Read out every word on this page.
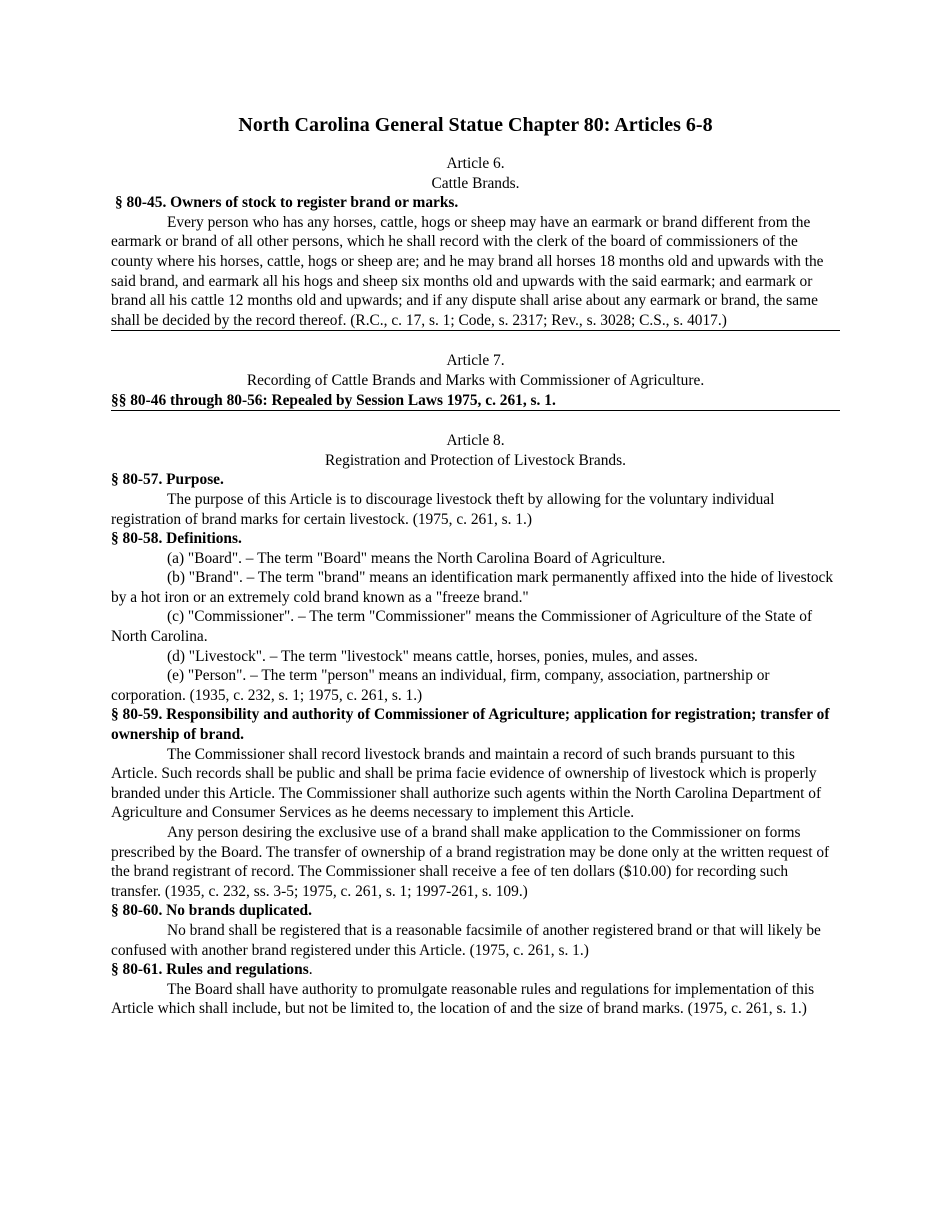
North Carolina General Statue Chapter 80: Articles 6-8
Article 6.
Cattle Brands.
§ 80-45. Owners of stock to register brand or marks.

Every person who has any horses, cattle, hogs or sheep may have an earmark or brand different from the earmark or brand of all other persons, which he shall record with the clerk of the board of commissioners of the county where his horses, cattle, hogs or sheep are; and he may brand all horses 18 months old and upwards with the said brand, and earmark all his hogs and sheep six months old and upwards with the said earmark; and earmark or brand all his cattle 12 months old and upwards; and if any dispute shall arise about any earmark or brand, the same shall be decided by the record thereof. (R.C., c. 17, s. 1; Code, s. 2317; Rev., s. 3028; C.S., s. 4017.)

Article 7.
Recording of Cattle Brands and Marks with Commissioner of Agriculture.
§§ 80-46 through 80-56: Repealed by Session Laws 1975, c. 261, s. 1.
Article 8.
Registration and Protection of Livestock Brands.
§ 80-57. Purpose.

The purpose of this Article is to discourage livestock theft by allowing for the voluntary individual registration of brand marks for certain livestock. (1975, c. 261, s. 1.)

§ 80-58. Definitions.

(a) "Board". – The term "Board" means the North Carolina Board of Agriculture.

(b) "Brand". – The term "brand" means an identification mark permanently affixed into the hide of livestock by a hot iron or an extremely cold brand known as a "freeze brand."

(c) "Commissioner". – The term "Commissioner" means the Commissioner of Agriculture of the State of North Carolina.

(d) "Livestock". – The term "livestock" means cattle, horses, ponies, mules, and asses.

(e) "Person". – The term "person" means an individual, firm, company, association, partnership or corporation. (1935, c. 232, s. 1; 1975, c. 261, s. 1.)

§ 80-59. Responsibility and authority of Commissioner of Agriculture; application for registration; transfer of ownership of brand.

The Commissioner shall record livestock brands and maintain a record of such brands pursuant to this Article. Such records shall be public and shall be prima facie evidence of ownership of livestock which is properly branded under this Article. The Commissioner shall authorize such agents within the North Carolina Department of Agriculture and Consumer Services as he deems necessary to implement this Article.

Any person desiring the exclusive use of a brand shall make application to the Commissioner on forms prescribed by the Board. The transfer of ownership of a brand registration may be done only at the written request of the brand registrant of record. The Commissioner shall receive a fee of ten dollars ($10.00) for recording such transfer. (1935, c. 232, ss. 3-5; 1975, c. 261, s. 1; 1997-261, s. 109.)

§ 80-60. No brands duplicated.

No brand shall be registered that is a reasonable facsimile of another registered brand or that will likely be confused with another brand registered under this Article. (1975, c. 261, s. 1.)

§ 80-61. Rules and regulations.

The Board shall have authority to promulgate reasonable rules and regulations for implementation of this Article which shall include, but not be limited to, the location of and the size of brand marks. (1975, c. 261, s. 1.)
